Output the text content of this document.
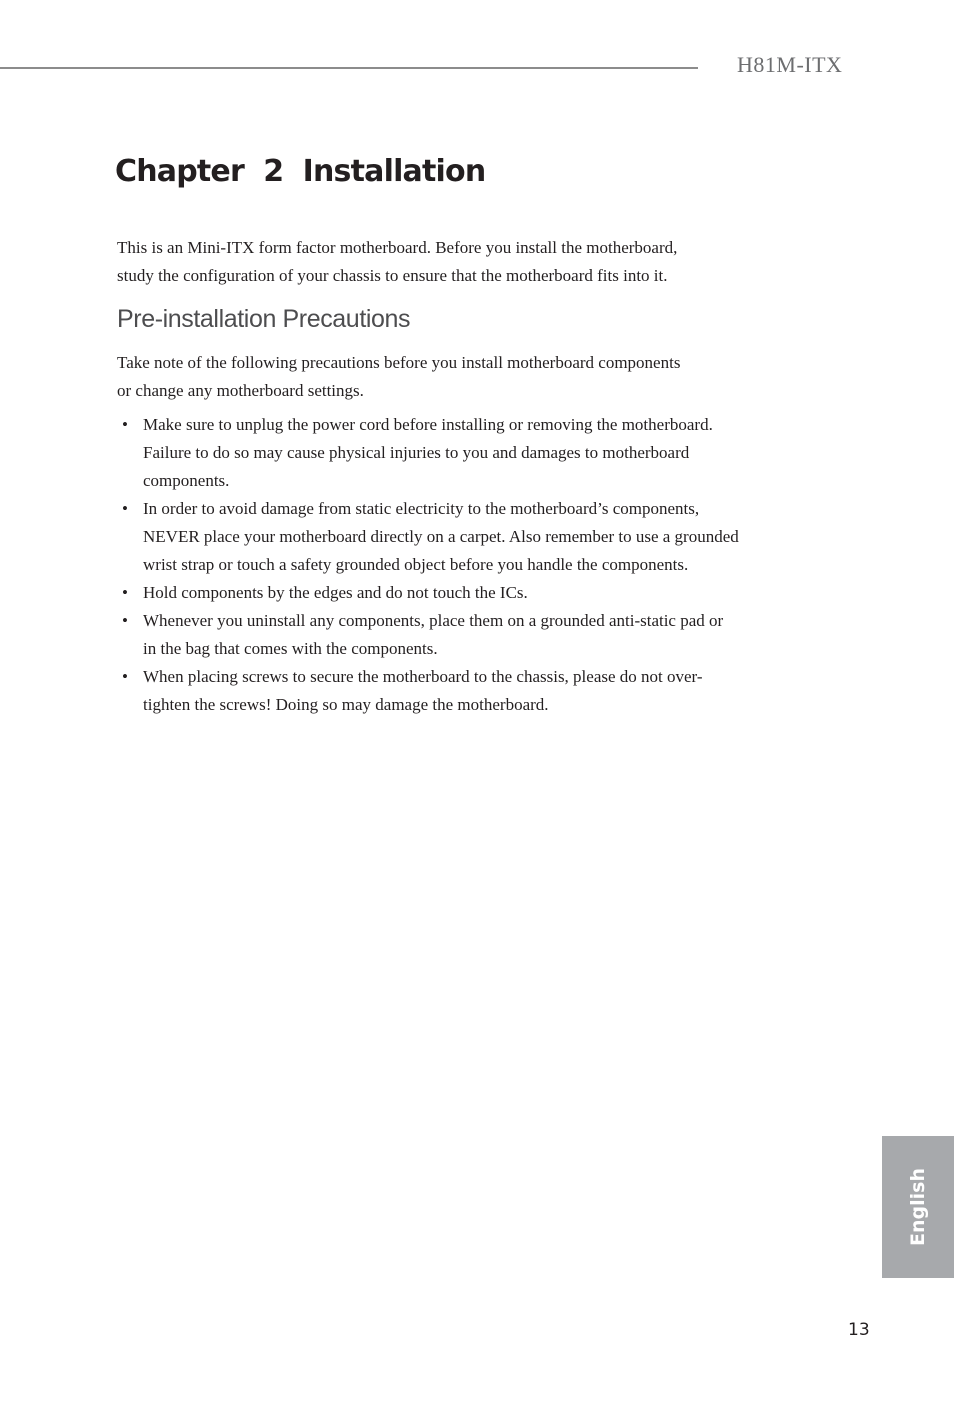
H81M-ITX
Chapter  2  Installation

This is an Mini-ITX form factor motherboard. Before you install the motherboard,
study the configuration of your chassis to ensure that the motherboard fits into it.

Pre-installation Precautions

Take note of the following precautions before you install motherboard components
or change any motherboard settings.

• Make sure to unplug the power cord before installing or removing the motherboard.
Failure to do so may cause physical injuries to you and damages to motherboard
components.
• In order to avoid damage from static electricity to the motherboard’s components,
NEVER place your motherboard directly on a carpet. Also remember to use a grounded
wrist strap or touch a safety grounded object before you handle the components.
• Hold components by the edges and do not touch the ICs.
• Whenever you uninstall any components, place them on a grounded anti-static pad or
in the bag that comes with the components.
• When placing screws to secure the motherboard to the chassis, please do not over-
tighten the screws! Doing so may damage the motherboard.
English
13
